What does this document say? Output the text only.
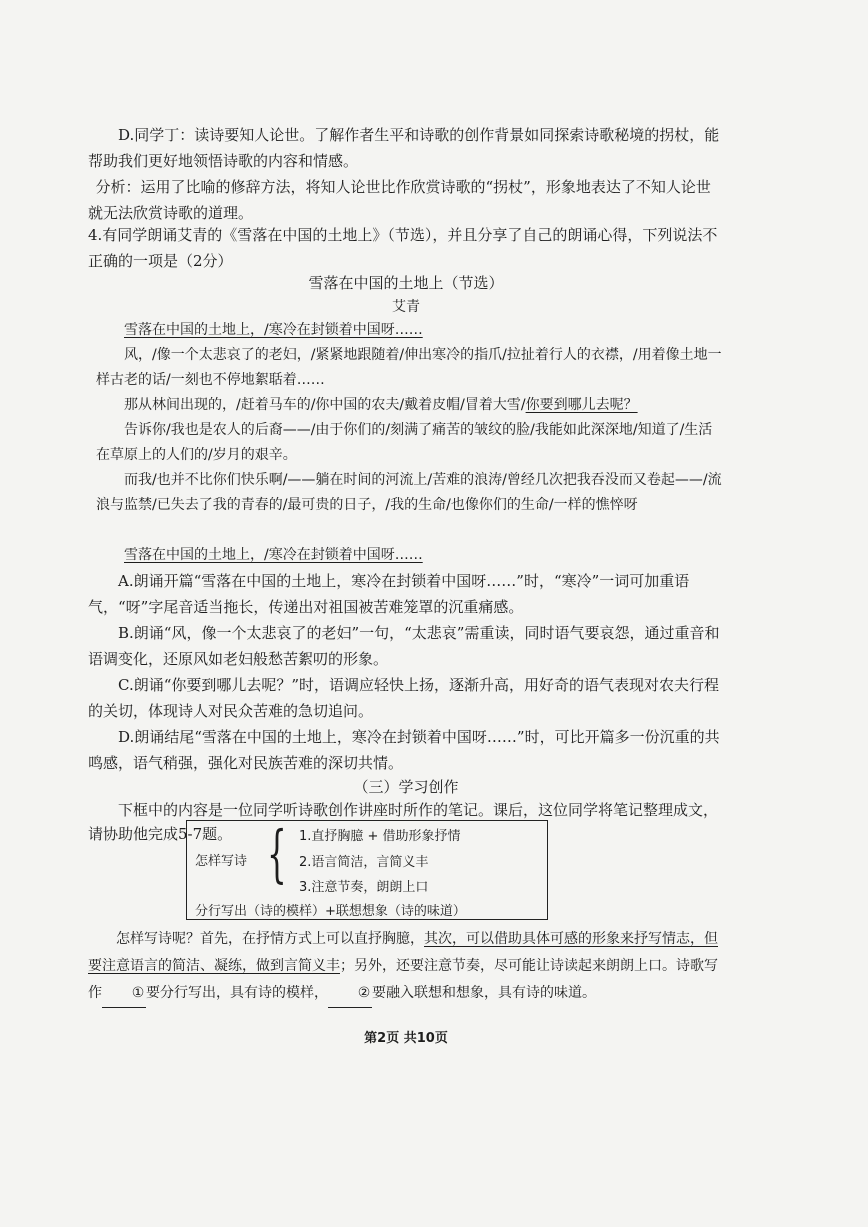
D.同学丁：读诗要知人论世。了解作者生平和诗歌的创作背景如同探索诗歌秘境的拐杖，能帮助我们更好地领悟诗歌的内容和情感。

分析：运用了比喻的修辞方法，将知人论世比作欣赏诗歌的“拐杖”，形象地表达了不知人论世就无法欣赏诗歌的道理。

4.有同学朗诵艾青的《雪落在中国的土地上》（节选），并且分享了自己的朗诵心得，下列说法不正确的一项是（2分）

雪落在中国的土地上（节选）

艾青

雪落在中国的土地上，/寒冷在封锁着中国呀……

风，/像一个太悲哀了的老妇，/紧紧地跟随着/伸出寒冷的指爪/拉扯着行人的衣襟，/用着像土地一样古老的话/一刻也不停地絮聒着……

那从林间出现的，/赶着马车的/你中国的农夫/戴着皮帽/冒着大雪/你要到哪儿去呢？

告诉你/我也是农人的后裔——/由于你们的/刻满了痛苦的皱纹的脸/我能如此深深地/知道了/生活在草原上的人们的/岁月的艰辛。

而我/也并不比你们快乐啊/——躺在时间的河流上/苦难的浪涛/曾经几次把我吞没而又卷起——/流浪与监禁/已失去了我的青春的/最可贵的日子，/我的生命/也像你们的生命/一样的憔悴呀

雪落在中国的土地上，/寒冷在封锁着中国呀……

A.朗诵开篇“雪落在中国的土地上，寒冷在封锁着中国呀……”时，“寒冷”一词可加重语气，“呀”字尾音适当拖长，传递出对祖国被苦难笼罩的沉重痛感。

B.朗诵“风，像一个太悲哀了的老妇”一句，“太悲哀”需重读，同时语气要哀怨，通过重音和语调变化，还原风如老妇般愁苦絮叨的形象。

C.朗诵“你要到哪儿去呢？”时，语调应轻快上扬，逐渐升高，用好奇的语气表现对农夫行程的关切，体现诗人对民众苦难的急切追问。

D.朗诵结尾“雪落在中国的土地上，寒冷在封锁着中国呀……”时，可比开篇多一份沉重的共鸣感，语气稍强，强化对民族苦难的深切共情。

（三）学习创作

下框中的内容是一位同学听诗歌创作讲座时所作的笔记。课后，这位同学将笔记整理成文，请协助他完成5-7题。

怎样写诗 { 1.直抒胸臆 + 借助形象抒情
2.语言简洁，言简义丰
3.注意节奏，朗朗上口
分行写出（诗的模样）+联想想象（诗的味道）

怎样写诗呢？首先，在抒情方式上可以直抒胸臆，其次，可以借助具体可感的形象来抒写情志，但要注意语言的简洁、凝练，做到言简义丰；另外，还要注意节奏，尽可能让诗读起来朗朗上口。诗歌写作 ① 要分行写出，具有诗的模样， ② 要融入联想和想象，具有诗的味道。

第2页 共10页
